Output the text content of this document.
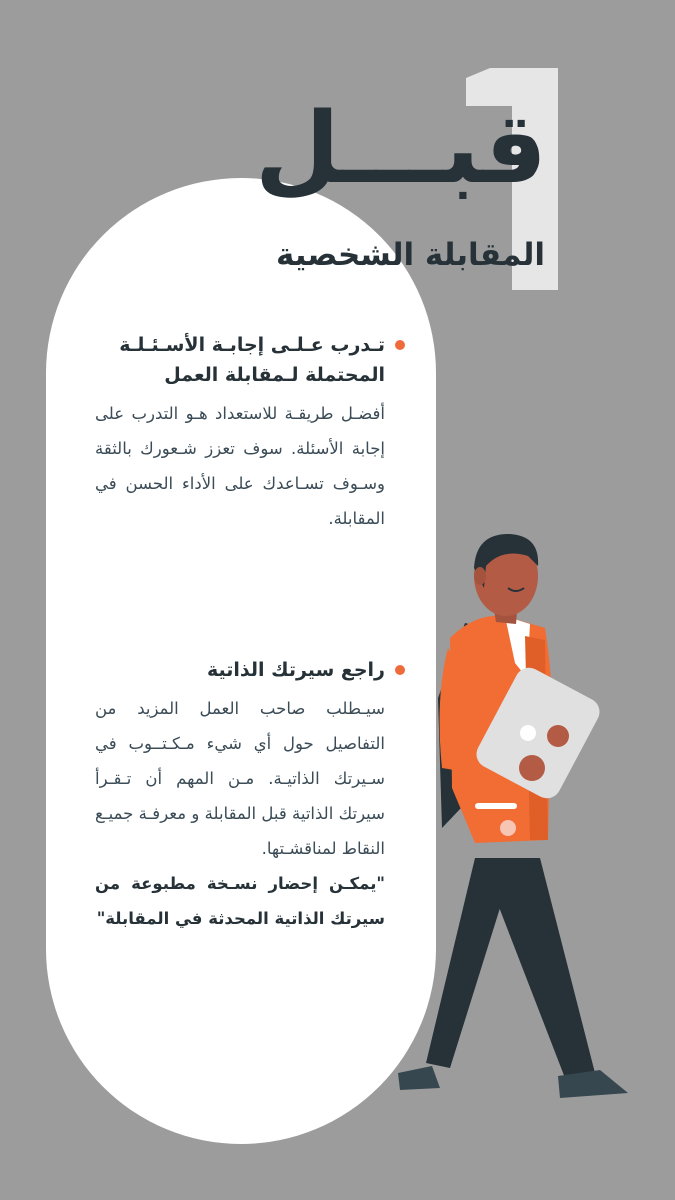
قبـــل
المقابلة الشخصية
تـدرب عـلـى إجابـة الأسـئـلـة المحتملة لـمقابلة العمل
أفضـل طريقـة للاستعداد هـو التدرب على إجابة الأسئلة. سوف تعزز شـعورك بالثقة وسـوف تسـاعدك على الأداء الحسن في المقابلة.
راجع سيرتك الذاتية
سيـطلب صاحب العمل المزيد من التفاصيل حول أي شيء مـكـتــوب في سـيرتك الذاتيـة. مـن المهم أن تـقـرأ سيرتك الذاتية قبل المقابلة و معرفـة جميـع النقاط لمناقشـتها.
"يمكـن إحضار نسـخة مطبوعة من سيرتك الذاتية المحدثة في المقابلة"
